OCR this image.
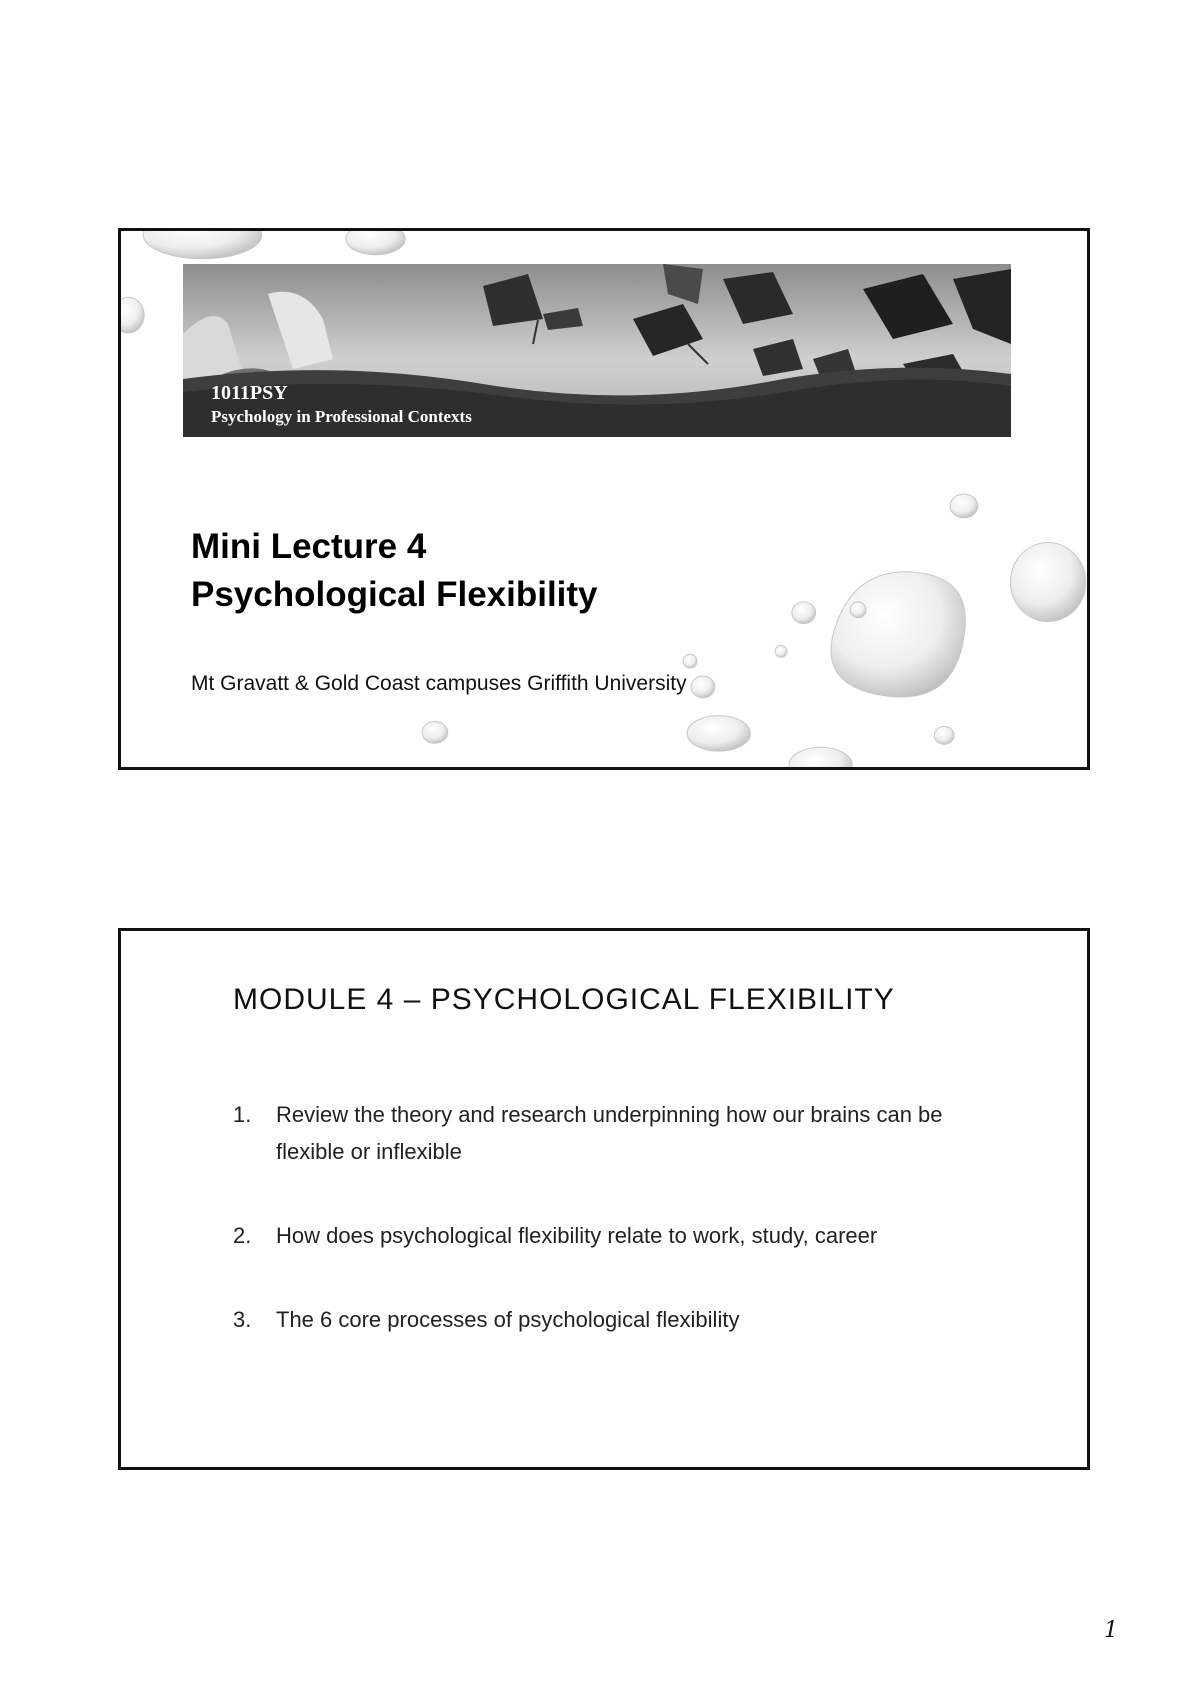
1011PSY
Psychology in Professional Contexts
Mini Lecture 4
Psychological Flexibility
Mt Gravatt & Gold Coast campuses Griffith University
MODULE 4 – PSYCHOLOGICAL FLEXIBILITY
1. Review the theory and research underpinning how our brains can be flexible or inflexible
2. How does psychological flexibility relate to work, study, career
3. The 6 core processes of psychological flexibility
1
